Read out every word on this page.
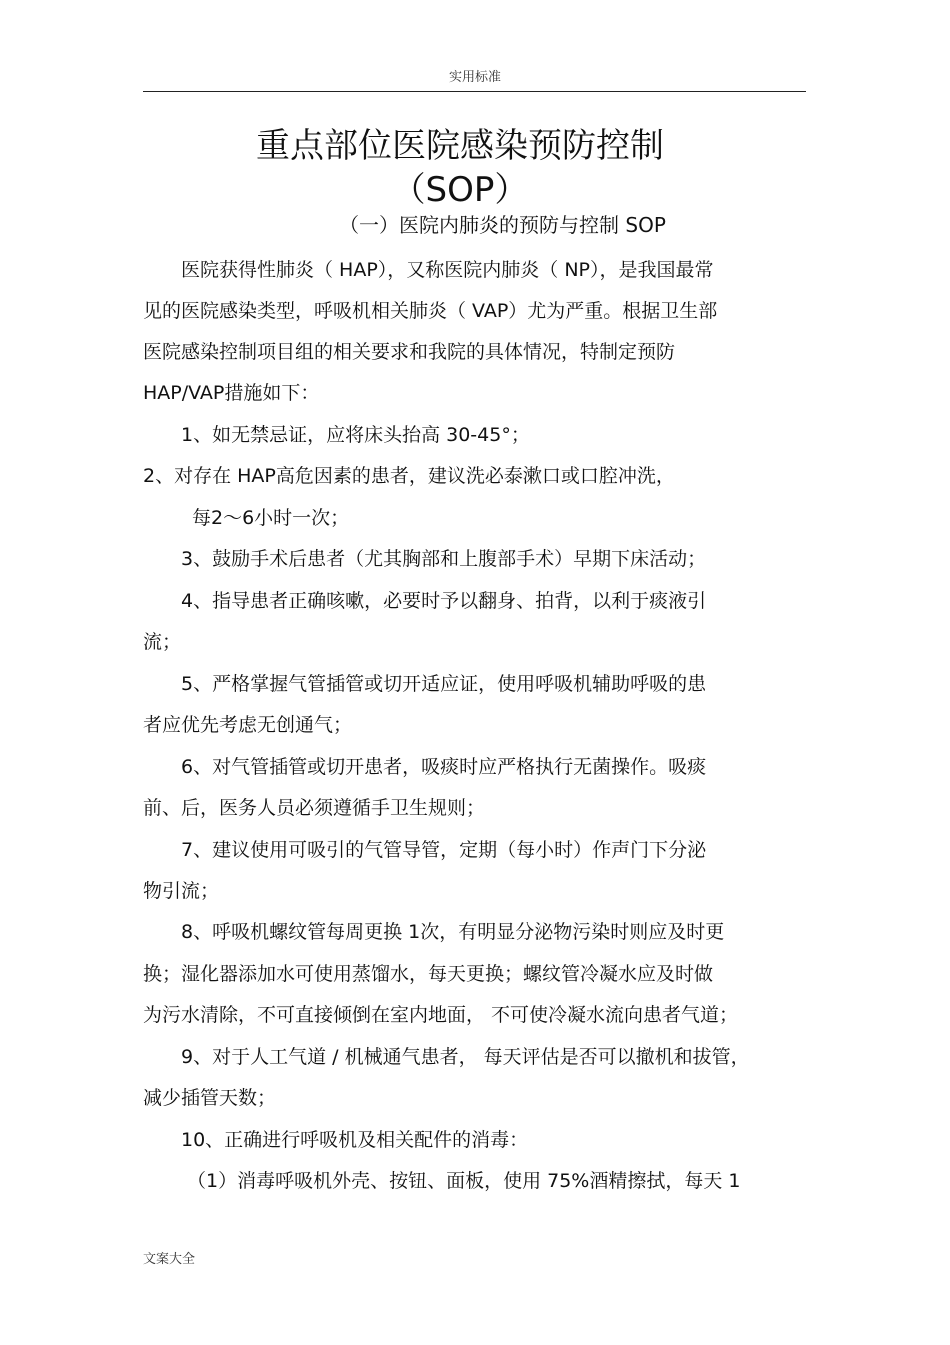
实用标准
重点部位医院感染预防控制
（SOP）
（一）医院内肺炎的预防与控制 SOP
医院获得性肺炎（ HAP），又称医院内肺炎（ NP），是我国最常
见的医院感染类型，呼吸机相关肺炎（ VAP）尤为严重。根据卫生部
医院感染控制项目组的相关要求和我院的具体情况，特制定预防
HAP/VAP措施如下：
1、如无禁忌证，应将床头抬高 30-45°；
2、对存在 HAP高危因素的患者，建议洗必泰漱口或口腔冲洗，
每2～6小时一次；
3、鼓励手术后患者（尤其胸部和上腹部手术）早期下床活动；
4、指导患者正确咳嗽，必要时予以翻身、拍背，以利于痰液引
流；
5、严格掌握气管插管或切开适应证，使用呼吸机辅助呼吸的患
者应优先考虑无创通气；
6、对气管插管或切开患者，吸痰时应严格执行无菌操作。吸痰
前、后，医务人员必须遵循手卫生规则；
7、建议使用可吸引的气管导管，定期（每小时）作声门下分泌
物引流；
8、呼吸机螺纹管每周更换 1次，有明显分泌物污染时则应及时更
换；湿化器添加水可使用蒸馏水，每天更换；螺纹管冷凝水应及时做
为污水清除，不可直接倾倒在室内地面， 不可使冷凝水流向患者气道；
9、对于人工气道 / 机械通气患者， 每天评估是否可以撤机和拔管，
减少插管天数；
10、正确进行呼吸机及相关配件的消毒：
（1）消毒呼吸机外壳、按钮、面板，使用 75%酒精擦拭，每天 1
文案大全
